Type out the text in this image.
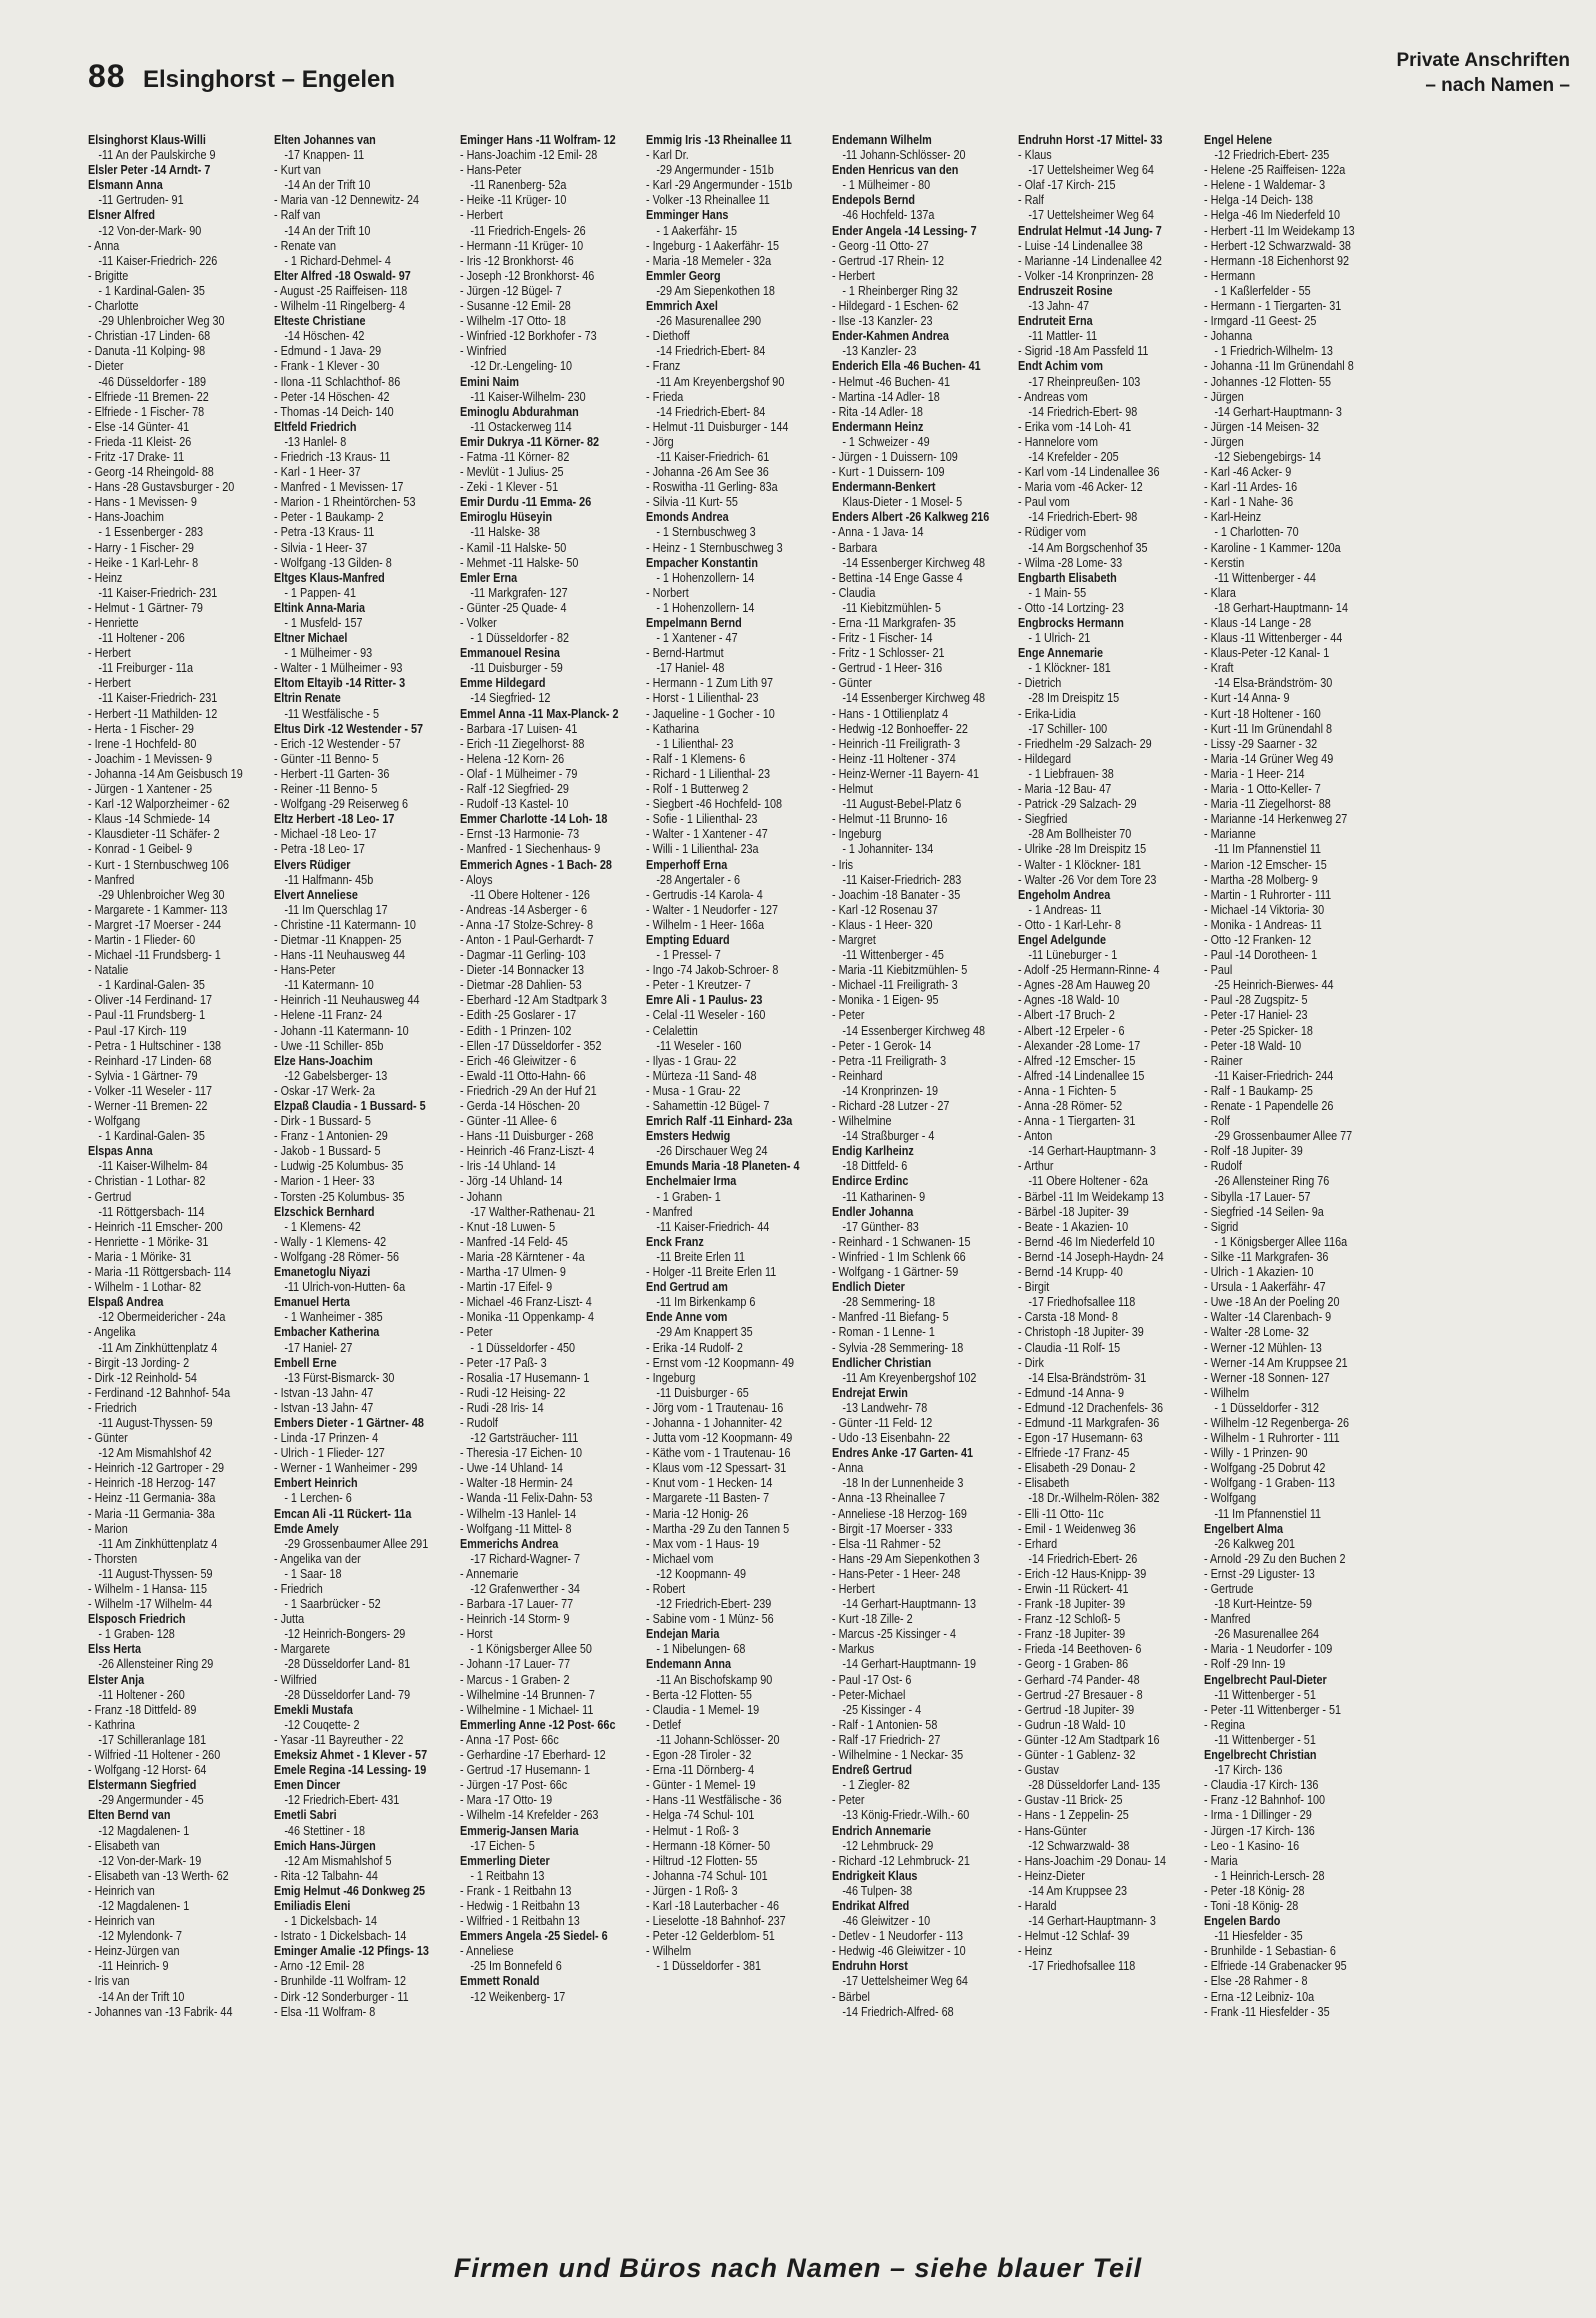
88 Elsinghorst – Engelen
Private Anschriften
– nach Namen –
Elsinghorst Klaus-Willi
-11 An der Paulskirche 9
Elsler Peter -14 Arndt- 7
Elsmann Anna
-11 Gertruden- 91
Elsner Alfred
-12 Von-der-Mark- 90
- Anna
-11 Kaiser-Friedrich- 226
- Brigitte
- 1 Kardinal-Galen- 35
- Charlotte
-29 Uhlenbroicher Weg 30
- Christian -17 Linden- 68
- Danuta -11 Kolping- 98
- Dieter
-46 Düsseldorfer - 189
- Elfriede -11 Bremen- 22
- Elfriede - 1 Fischer- 78
- Else -14 Günter- 41
- Frieda -11 Kleist- 26
- Fritz -17 Drake- 11
- Georg -14 Rheingold- 88
- Hans -28 Gustavsburger - 20
- Hans - 1 Mevissen- 9
- Hans-Joachim
- 1 Essenberger - 283
- Harry - 1 Fischer- 29
- Heike - 1 Karl-Lehr- 8
- Heinz
-11 Kaiser-Friedrich- 231
- Helmut - 1 Gärtner- 79
- Henriette
-11 Holtener - 206
- Herbert
-11 Freiburger - 11a
- Herbert
-11 Kaiser-Friedrich- 231
- Herbert -11 Mathilden- 12
- Herta - 1 Fischer- 29
- Irene -1 Hochfeld- 80
- Joachim - 1 Mevissen- 9
- Johanna -14 Am Geisbusch 19
- Jürgen - 1 Xantener - 25
- Karl -12 Walporzheimer - 62
- Klaus -14 Schmiede- 14
- Klausdieter -11 Schäfer- 2
- Konrad - 1 Geibel- 9
- Kurt - 1 Sternbuschweg 106
- Manfred
-29 Uhlenbroicher Weg 30
- Margarete - 1 Kammer- 113
- Margret -17 Moerser - 244
- Martin - 1 Flieder- 60
- Michael -11 Frundsberg- 1
- Natalie
- 1 Kardinal-Galen- 35
- Oliver -14 Ferdinand- 17
- Paul -11 Frundsberg- 1
- Paul -17 Kirch- 119
- Petra - 1 Hultschiner - 138
- Reinhard -17 Linden- 68
- Sylvia - 1 Gärtner- 79
- Volker -11 Weseler - 117
- Werner -11 Bremen- 22
- Wolfgang
- 1 Kardinal-Galen- 35
Elspas Anna
-11 Kaiser-Wilhelm- 84
- Christian - 1 Lothar- 82
- Gertrud
-11 Röttgersbach- 114
- Heinrich -11 Emscher- 200
- Henriette - 1 Mörike- 31
- Maria - 1 Mörike- 31
- Maria -11 Röttgersbach- 114
- Wilhelm - 1 Lothar- 82
Elspaß Andrea
-12 Obermeidericher - 24a
- Angelika
-11 Am Zinkhüttenplatz 4
- Birgit -13 Jording- 2
- Dirk -12 Reinhold- 54
- Ferdinand -12 Bahnhof- 54a
- Friedrich
-11 August-Thyssen- 59
- Günter
-12 Am Mismahlshof 42
- Heinrich -12 Gartroper - 29
- Heinrich -18 Herzog- 147
- Heinz -11 Germania- 38a
- Maria -11 Germania- 38a
- Marion
-11 Am Zinkhüttenplatz 4
- Thorsten
-11 August-Thyssen- 59
- Wilhelm - 1 Hansa- 115
- Wilhelm -17 Wilhelm- 44
Elsposch Friedrich
- 1 Graben- 128
Elss Herta
-26 Allensteiner Ring 29
Elster Anja
-11 Holtener - 260
- Franz -18 Dittfeld- 89
- Kathrina
-17 Schilleranlage 181
- Wilfried -11 Holtener - 260
- Wolfgang -12 Horst- 64
Elstermann Siegfried
-29 Angermunder - 45
Elten Bernd van
-12 Magdalenen- 1
- Elisabeth van
-12 Von-der-Mark- 19
- Elisabeth van -13 Werth- 62
- Heinrich van
-12 Magdalenen- 1
- Heinrich van
-12 Mylendonk- 7
- Heinz-Jürgen van
-11 Heinrich- 9
- Iris van
-14 An der Trift 10
- Johannes van -13 Fabrik- 44
Elten Johannes van
-17 Knappen- 11
- Kurt van
-14 An der Trift 10
- Maria van -12 Dennewitz- 24
- Ralf van
-14 An der Trift 10
- Renate van
- 1 Richard-Dehmel- 4
Elter Alfred -18 Oswald- 97
- August -25 Raiffeisen- 118
- Wilhelm -11 Ringelberg- 4
Elteste Christiane
-14 Höschen- 42
- Edmund - 1 Java- 29
- Frank - 1 Klever - 30
- Ilona -11 Schlachthof- 86
- Peter -14 Höschen- 42
- Thomas -14 Deich- 140
Eltfeld Friedrich
-13 Hanlel- 8
- Friedrich -13 Kraus- 11
- Karl - 1 Heer- 37
- Manfred - 1 Mevissen- 17
- Marion - 1 Rheintörchen- 53
- Peter - 1 Baukamp- 2
- Petra -13 Kraus- 11
- Silvia - 1 Heer- 37
- Wolfgang -13 Gilden- 8
Eltges Klaus-Manfred
- 1 Pappen- 41
Eltink Anna-Maria
- 1 Musfeld- 157
Eltner Michael
- 1 Mülheimer - 93
- Walter - 1 Mülheimer - 93
Eltom Eltayib -14 Ritter- 3
Eltrin Renate
-11 Westfälische - 5
Eltus Dirk -12 Westender - 57
- Erich -12 Westender - 57
- Günter -11 Benno- 5
- Herbert -11 Garten- 36
- Reiner -11 Benno- 5
- Wolfgang -29 Reiserweg 6
Eltz Herbert -18 Leo- 17
- Michael -18 Leo- 17
- Petra -18 Leo- 17
Elvers Rüdiger
-11 Halfmann- 45b
Elvert Anneliese
-11 Im Querschlag 17
- Christine -11 Katermann- 10
- Dietmar -11 Knappen- 25
- Hans -11 Neuhausweg 44
- Hans-Peter
-11 Katermann- 10
- Heinrich -11 Neuhausweg 44
- Helene -11 Franz- 24
- Johann -11 Katermann- 10
- Uwe -11 Schiller- 85b
Elze Hans-Joachim
-12 Gabelsberger- 13
- Oskar -17 Werk- 2a
Elzpaß Claudia - 1 Bussard- 5
- Dirk - 1 Bussard- 5
- Franz - 1 Antonien- 29
- Jakob - 1 Bussard- 5
- Ludwig -25 Kolumbus- 35
- Marion - 1 Heer- 33
- Torsten -25 Kolumbus- 35
Elzschick Bernhard
- 1 Klemens- 42
- Wally - 1 Klemens- 42
- Wolfgang -28 Römer- 56
Emanetoglu Niyazi
-11 Ulrich-von-Hutten- 6a
Emanuel Herta
- 1 Wanheimer - 385
Embacher Katherina
-17 Haniel- 27
Embell Erne
-13 Fürst-Bismarck- 30
- Istvan -13 Jahn- 47
- Istvan -13 Jahn- 47
Embers Dieter - 1 Gärtner- 48
- Linda -17 Prinzen- 4
- Ulrich - 1 Flieder- 127
- Werner - 1 Wanheimer - 299
Embert Heinrich
- 1 Lerchen- 6
Emcan Ali -11 Rückert- 11a
Emde Amely
-29 Grossenbaumer Allee 291
- Angelika van der
- 1 Saar- 18
- Friedrich
- 1 Saarbrücker - 52
- Jutta
-12 Heinrich-Bongers- 29
- Margarete
-28 Düsseldorfer Land- 81
- Wilfried
-28 Düsseldorfer Land- 79
Emekli Mustafa
-12 Couqette- 2
- Yasar -11 Bayreuther - 22
Emeksiz Ahmet - 1 Klever - 57
Emele Regina -14 Lessing- 19
Emen Dincer
-12 Friedrich-Ebert- 431
Emetli Sabri
-46 Stettiner - 18
Emich Hans-Jürgen
-12 Am Mismahlshof 5
- Rita -12 Talbahn- 44
Emig Helmut -46 Donkweg 25
Emiliadis Eleni
- 1 Dickelsbach- 14
- Istrato - 1 Dickelsbach- 14
Eminger Amalie -12 Pfings- 13
- Arno -12 Emil- 28
- Brunhilde -11 Wolfram- 12
- Dirk -12 Sonderburger - 11
- Elsa -11 Wolfram- 8
Eminger Hans -11 Wolfram- 12
- Hans-Joachim -12 Emil- 28
- Hans-Peter
-11 Ranenberg- 52a
- Heike -11 Krüger- 10
- Herbert
-11 Friedrich-Engels- 26
- Hermann -11 Krüger- 10
- Iris -12 Bronkhorst- 46
- Joseph -12 Bronkhorst- 46
- Jürgen -12 Bügel- 7
- Susanne -12 Emil- 28
- Wilhelm -17 Otto- 18
- Winfried -12 Borkhofer - 73
- Winfried
-12 Dr.-Lengeling- 10
Emini Naim
-11 Kaiser-Wilhelm- 230
Eminoglu Abdurahman
-11 Ostackerweg 114
Emir Dukrya -11 Körner- 82
- Fatma -11 Körner- 82
- Mevlüt - 1 Julius- 25
- Zeki - 1 Klever - 51
Emir Durdu -11 Emma- 26
Emiroglu Hüseyin
-11 Halske- 38
- Kamil -11 Halske- 50
- Mehmet -11 Halske- 50
Emler Erna
-11 Markgrafen- 127
- Günter -25 Quade- 4
- Volker
- 1 Düsseldorfer - 82
Emmanouel Resina
-11 Duisburger - 59
Emme Hildegard
-14 Siegfried- 12
Emmel Anna -11 Max-Planck- 2
- Barbara -17 Luisen- 41
- Erich -11 Ziegelhorst- 88
- Helena -12 Korn- 26
- Olaf - 1 Mülheimer - 79
- Ralf -12 Siegfried- 29
- Rudolf -13 Kastel- 10
Emmer Charlotte -14 Loh- 18
- Ernst -13 Harmonie- 73
- Manfred - 1 Siechenhaus- 9
Emmerich Agnes - 1 Bach- 28
- Aloys
-11 Obere Holtener - 126
- Andreas -14 Asberger - 6
- Anna -17 Stolze-Schrey- 8
- Anton - 1 Paul-Gerhardt- 7
- Dagmar -11 Gerling- 103
- Dieter -14 Bonnacker 13
- Dietmar -28 Dahlien- 53
- Eberhard -12 Am Stadtpark 3
- Edith -25 Goslarer - 17
- Edith - 1 Prinzen- 102
- Ellen -17 Düsseldorfer - 352
- Erich -46 Gleiwitzer - 6
- Ewald -11 Otto-Hahn- 66
- Friedrich -29 An der Huf 21
- Gerda -14 Höschen- 20
- Günter -11 Allee- 6
- Hans -11 Duisburger - 268
- Heinrich -46 Franz-Liszt- 4
- Iris -14 Uhland- 14
- Jörg -14 Uhland- 14
- Johann
-17 Walther-Rathenau- 21
- Knut -18 Luwen- 5
- Manfred -14 Feld- 45
- Maria -28 Kärntener - 4a
- Martha -17 Ulmen- 9
- Martin -17 Eifel- 9
- Michael -46 Franz-Liszt- 4
- Monika -11 Oppenkamp- 4
- Peter
- 1 Düsseldorfer - 450
- Peter -17 Paß- 3
- Rosalia -17 Husemann- 1
- Rudi -12 Heising- 22
- Rudi -28 Iris- 14
- Rudolf
-12 Gartsträucher- 111
- Theresia -17 Eichen- 10
- Uwe -14 Uhland- 14
- Walter -18 Hermin- 24
- Wanda -11 Felix-Dahn- 53
- Wilhelm -13 Hanlel- 14
- Wolfgang -11 Mittel- 8
Emmerichs Andrea
-17 Richard-Wagner- 7
- Annemarie
-12 Grafenwerther - 34
- Barbara -17 Lauer- 77
- Heinrich -14 Storm- 9
- Horst
- 1 Königsberger Allee 50
- Johann -17 Lauer- 77
- Marcus - 1 Graben- 2
- Wilhelmine -14 Brunnen- 7
- Wilhelmine - 1 Michael- 11
Emmerling Anne -12 Post- 66c
- Anna -17 Post- 66c
- Gerhardine -17 Eberhard- 12
- Gertrud -17 Husemann- 1
- Jürgen -17 Post- 66c
- Mara -17 Otto- 19
- Wilhelm -14 Krefelder - 263
Emmerig-Jansen Maria
-17 Eichen- 5
Emmerling Dieter
- 1 Reitbahn 13
- Frank - 1 Reitbahn 13
- Hedwig - 1 Reitbahn 13
- Wilfried - 1 Reitbahn 13
Emmers Angela -25 Siedel- 6
- Anneliese
-25 Im Bonnefeld 6
Emmett Ronald
-12 Weikenberg- 17
Emmig Iris -13 Rheinallee 11
- Karl Dr.
-29 Angermunder - 151b
- Karl -29 Angermunder - 151b
- Volker -13 Rheinallee 11
Emminger Hans
- 1 Aakerfähr- 15
- Ingeburg - 1 Aakerfähr- 15
- Maria -18 Memeler - 32a
Emmler Georg
-29 Am Siepenkothen 18
Emmrich Axel
-26 Masurenallee 290
- Diethoff
-14 Friedrich-Ebert- 84
- Franz
-11 Am Kreyenbergshof 90
- Frieda
-14 Friedrich-Ebert- 84
- Helmut -11 Duisburger - 144
- Jörg
-11 Kaiser-Friedrich- 61
- Johanna -26 Am See 36
- Roswitha -11 Gerling- 83a
- Silvia -11 Kurt- 55
Emonds Andrea
- 1 Sternbuschweg 3
- Heinz - 1 Sternbuschweg 3
Empacher Konstantin
- 1 Hohenzollern- 14
- Norbert
- 1 Hohenzollern- 14
Empelmann Bernd
- 1 Xantener - 47
- Bernd-Hartmut
-17 Haniel- 48
- Hermann - 1 Zum Lith 97
- Horst - 1 Lilienthal- 23
- Jaqueline - 1 Gocher - 10
- Katharina
- 1 Lilienthal- 23
- Ralf - 1 Klemens- 6
- Richard - 1 Lilienthal- 23
- Rolf - 1 Butterweg 2
- Siegbert -46 Hochfeld- 108
- Sofie - 1 Lilienthal- 23
- Walter - 1 Xantener - 47
- Willi - 1 Lilienthal- 23a
Emperhoff Erna
-28 Angertaler - 6
- Gertrudis -14 Karola- 4
- Walter - 1 Neudorfer - 127
- Wilhelm - 1 Heer- 166a
Empting Eduard
- 1 Pressel- 7
- Ingo -74 Jakob-Schroer- 8
- Peter - 1 Kreutzer- 7
Emre Ali - 1 Paulus- 23
- Celal -11 Weseler - 160
- Celalettin
-11 Weseler - 160
- Ilyas - 1 Grau- 22
- Mürteza -11 Sand- 48
- Musa - 1 Grau- 22
- Sahamettin -12 Bügel- 7
Emrich Ralf -11 Einhard- 23a
Emsters Hedwig
-26 Dirschauer Weg 24
Emunds Maria -18 Planeten- 4
Enchelmaier Irma
- 1 Graben- 1
- Manfred
-11 Kaiser-Friedrich- 44
Enck Franz
-11 Breite Erlen 11
- Holger -11 Breite Erlen 11
End Gertrud am
-11 Im Birkenkamp 6
Ende Anne vom
-29 Am Knappert 35
- Erika -14 Rudolf- 2
- Ernst vom -12 Koopmann- 49
- Ingeburg
-11 Duisburger - 65
- Jörg vom - 1 Trautenau- 16
- Johanna - 1 Johanniter- 42
- Jutta vom -12 Koopmann- 49
- Käthe vom - 1 Trautenau- 16
- Klaus vom -12 Spessart- 31
- Knut vom - 1 Hecken- 14
- Margarete -11 Basten- 7
- Maria -12 Honig- 26
- Martha -29 Zu den Tannen 5
- Max vom - 1 Haus- 19
- Michael vom
-12 Koopmann- 49
- Robert
-12 Friedrich-Ebert- 239
- Sabine vom - 1 Münz- 56
Endejan Maria
- 1 Nibelungen- 68
Endemann Anna
-11 An Bischofskamp 90
- Berta -12 Flotten- 55
- Claudia - 1 Memel- 19
- Detlef
-11 Johann-Schlösser- 20
- Egon -28 Tiroler - 32
- Erna -11 Dörnberg- 4
- Günter - 1 Memel- 19
- Hans -11 Westfälische - 36
- Helga -74 Schul- 101
- Helmut - 1 Roß- 3
- Hermann -18 Körner- 50
- Hiltrud -12 Flotten- 55
- Johanna -74 Schul- 101
- Jürgen - 1 Roß- 3
- Karl -18 Lauterbacher - 46
- Lieselotte -18 Bahnhof- 237
- Peter -12 Gelderblom- 51
- Wilhelm
- 1 Düsseldorfer - 381
Endemann Wilhelm
-11 Johann-Schlösser- 20
Enden Henricus van den
- 1 Mülheimer - 80
Endepols Bernd
-46 Hochfeld- 137a
Ender Angela -14 Lessing- 7
- Georg -11 Otto- 27
- Gertrud -17 Rhein- 12
- Herbert
- 1 Rheinberger Ring 32
- Hildegard - 1 Eschen- 62
- Ilse -13 Kanzler- 23
Ender-Kahmen Andrea
-13 Kanzler- 23
Enderich Ella -46 Buchen- 41
- Helmut -46 Buchen- 41
- Martina -14 Adler- 18
- Rita -14 Adler- 18
Endermann Heinz
- 1 Schweizer - 49
- Jürgen - 1 Duissern- 109
- Kurt - 1 Duissern- 109
Endermann-Benkert
Klaus-Dieter - 1 Mosel- 5
Enders Albert -26 Kalkweg 216
- Anna - 1 Java- 14
- Barbara
-14 Essenberger Kirchweg 48
- Bettina -14 Enge Gasse 4
- Claudia
-11 Kiebitzmühlen- 5
- Erna -11 Markgrafen- 35
- Fritz - 1 Fischer- 14
- Fritz - 1 Schlosser- 21
- Gertrud - 1 Heer- 316
- Günter
-14 Essenberger Kirchweg 48
- Hans - 1 Ottilienplatz 4
- Hedwig -12 Bonhoeffer- 22
- Heinrich -11 Freiligrath- 3
- Heinz -11 Holtener - 374
- Heinz-Werner -11 Bayern- 41
- Helmut
-11 August-Bebel-Platz 6
- Helmut -11 Brunno- 16
- Ingeburg
- 1 Johanniter- 134
- Iris
-11 Kaiser-Friedrich- 283
- Joachim -18 Banater - 35
- Karl -12 Rosenau 37
- Klaus - 1 Heer- 320
- Margret
-11 Wittenberger - 45
- Maria -11 Kiebitzmühlen- 5
- Michael -11 Freiligrath- 3
- Monika - 1 Eigen- 95
- Peter
-14 Essenberger Kirchweg 48
- Peter - 1 Gerok- 14
- Petra -11 Freiligrath- 3
- Reinhard
-14 Kronprinzen- 19
- Richard -28 Lutzer - 27
- Wilhelmine
-14 Straßburger - 4
Endig Karlheinz
-18 Dittfeld- 6
Endirce Erdinc
-11 Katharinen- 9
Endler Johanna
-17 Günther- 83
- Reinhard - 1 Schwanen- 15
- Winfried - 1 Im Schlenk 66
- Wolfgang - 1 Gärtner- 59
Endlich Dieter
-28 Semmering- 18
- Manfred -11 Biefang- 5
- Roman - 1 Lenne- 1
- Sylvia -28 Semmering- 18
Endlicher Christian
-11 Am Kreyenbergshof 102
Endrejat Erwin
-13 Landwehr- 78
- Günter -11 Feld- 12
- Udo -13 Eisenbahn- 22
Endres Anke -17 Garten- 41
- Anna
-18 In der Lunnenheide 3
- Anna -13 Rheinallee 7
- Anneliese -18 Herzog- 169
- Birgit -17 Moerser - 333
- Elsa -11 Rahmer - 52
- Hans -29 Am Siepenkothen 3
- Hans-Peter - 1 Heer- 248
- Herbert
-14 Gerhart-Hauptmann- 13
- Kurt -18 Zille- 2
- Marcus -25 Kissinger - 4
- Markus
-14 Gerhart-Hauptmann- 19
- Paul -17 Ost- 6
- Peter-Michael
-25 Kissinger - 4
- Ralf - 1 Antonien- 58
- Ralf -17 Friedrich- 27
- Wilhelmine - 1 Neckar- 35
Endreß Gertrud
- 1 Ziegler- 82
- Peter
-13 König-Friedr.-Wilh.- 60
Endrich Annemarie
-12 Lehmbruck- 29
- Richard -12 Lehmbruck- 21
Endrigkeit Klaus
-46 Tulpen- 38
Endrikat Alfred
-46 Gleiwitzer - 10
- Detlev - 1 Neudorfer - 113
- Hedwig -46 Gleiwitzer - 10
Endruhn Horst
-17 Uettelsheimer Weg 64
- Bärbel
-14 Friedrich-Alfred- 68
Endruhn Horst -17 Mittel- 33
- Klaus
-17 Uettelsheimer Weg 64
- Olaf -17 Kirch- 215
- Ralf
-17 Uettelsheimer Weg 64
Endrulat Helmut -14 Jung- 7
- Luise -14 Lindenallee 38
- Marianne -14 Lindenallee 42
- Volker -14 Kronprinzen- 28
Endruszeit Rosine
-13 Jahn- 47
Endruteit Erna
-11 Mattler- 11
- Sigrid -18 Am Passfeld 11
Endt Achim vom
-17 Rheinpreußen- 103
- Andreas vom
-14 Friedrich-Ebert- 98
- Erika vom -14 Loh- 41
- Hannelore vom
-14 Krefelder - 205
- Karl vom -14 Lindenallee 36
- Maria vom -46 Acker- 12
- Paul vom
-14 Friedrich-Ebert- 98
- Rüdiger vom
-14 Am Borgschenhof 35
- Wilma -28 Lome- 33
Engbarth Elisabeth
- 1 Main- 55
- Otto -14 Lortzing- 23
Engbrocks Hermann
- 1 Ulrich- 21
Enge Annemarie
- 1 Klöckner- 181
- Dietrich
-28 Im Dreispitz 15
- Erika-Lidia
-17 Schiller- 100
- Friedhelm -29 Salzach- 29
- Hildegard
- 1 Liebfrauen- 38
- Maria -12 Bau- 47
- Patrick -29 Salzach- 29
- Siegfried
-28 Am Bollheister 70
- Ulrike -28 Im Dreispitz 15
- Walter - 1 Klöckner- 181
- Walter -26 Vor dem Tore 23
Engeholm Andrea
- 1 Andreas- 11
- Otto - 1 Karl-Lehr- 8
Engel Adelgunde
-11 Lüneburger - 1
- Adolf -25 Hermann-Rinne- 4
- Agnes -28 Am Hauweg 20
- Agnes -18 Wald- 10
- Albert -17 Bruch- 2
- Albert -12 Erpeler - 6
- Alexander -28 Lome- 17
- Alfred -12 Emscher- 15
- Alfred -14 Lindenallee 15
- Anna - 1 Fichten- 5
- Anna -28 Römer- 52
- Anna - 1 Tiergarten- 31
- Anton
-14 Gerhart-Hauptmann- 3
- Arthur
-11 Obere Holtener - 62a
- Bärbel -11 Im Weidekamp 13
- Bärbel -18 Jupiter- 39
- Beate - 1 Akazien- 10
- Bernd -46 Im Niederfeld 10
- Bernd -14 Joseph-Haydn- 24
- Bernd -14 Krupp- 40
- Birgit
-17 Friedhofsallee 118
- Carsta -18 Mond- 8
- Christoph -18 Jupiter- 39
- Claudia -11 Rolf- 15
- Dirk
-14 Elsa-Brändström- 31
- Edmund -14 Anna- 9
- Edmund -12 Drachenfels- 36
- Edmund -11 Markgrafen- 36
- Egon -17 Husemann- 63
- Elfriede -17 Franz- 45
- Elisabeth -29 Donau- 2
- Elisabeth
-18 Dr.-Wilhelm-Rölen- 382
- Elli -11 Otto- 11c
- Emil - 1 Weidenweg 36
- Erhard
-14 Friedrich-Ebert- 26
- Erich -12 Haus-Knipp- 39
- Erwin -11 Rückert- 41
- Frank -18 Jupiter- 39
- Franz -12 Schloß- 5
- Franz -18 Jupiter- 39
- Frieda -14 Beethoven- 6
- Georg - 1 Graben- 86
- Gerhard -74 Pander- 48
- Gertrud -27 Bresauer - 8
- Gertrud -18 Jupiter- 39
- Gudrun -18 Wald- 10
- Günter -12 Am Stadtpark 16
- Günter - 1 Gablenz- 32
- Gustav
-28 Düsseldorfer Land- 135
- Gustav -11 Brick- 25
- Hans - 1 Zeppelin- 25
- Hans-Günter
-12 Schwarzwald- 38
- Hans-Joachim -29 Donau- 14
- Heinz-Dieter
-14 Am Kruppsee 23
- Harald
-14 Gerhart-Hauptmann- 3
- Helmut -12 Schlaf- 39
- Heinz
-17 Friedhofsallee 118
Engel Helene
-12 Friedrich-Ebert- 235
- Helene -25 Raiffeisen- 122a
- Helene - 1 Waldemar- 3
- Helga -14 Deich- 138
- Helga -46 Im Niederfeld 10
- Herbert -11 Im Weidekamp 13
- Herbert -12 Schwarzwald- 38
- Hermann -18 Eichenhorst 92
- Hermann
- 1 Kaßlerfelder - 55
- Hermann - 1 Tiergarten- 31
- Irmgard -11 Geest- 25
- Johanna
- 1 Friedrich-Wilhelm- 13
- Johanna -11 Im Grünendahl 8
- Johannes -12 Flotten- 55
- Jürgen
-14 Gerhart-Hauptmann- 3
- Jürgen -14 Meisen- 32
- Jürgen
-12 Siebengebirgs- 14
- Karl -46 Acker- 9
- Karl -11 Ardes- 16
- Karl - 1 Nahe- 36
- Karl-Heinz
- 1 Charlotten- 70
- Karoline - 1 Kammer- 120a
- Kerstin
-11 Wittenberger - 44
- Klara
-18 Gerhart-Hauptmann- 14
- Klaus -14 Lange - 28
- Klaus -11 Wittenberger - 44
- Klaus-Peter -12 Kanal- 1
- Kraft
-14 Elsa-Brändström- 30
- Kurt -14 Anna- 9
- Kurt -18 Holtener - 160
- Kurt -11 Im Grünendahl 8
- Lissy -29 Saarner - 32
- Maria -14 Grüner Weg 49
- Maria - 1 Heer- 214
- Maria - 1 Otto-Keller- 7
- Maria -11 Ziegelhorst- 88
- Marianne -14 Herkenweg 27
- Marianne
-11 Im Pfannenstiel 11
- Marion -12 Emscher- 15
- Martha -28 Molberg- 9
- Martin - 1 Ruhrorter - 111
- Michael -14 Viktoria- 30
- Monika - 1 Andreas- 11
- Otto -12 Franken- 12
- Paul -14 Dorotheen- 1
- Paul
-25 Heinrich-Bierwes- 44
- Paul -28 Zugspitz- 5
- Peter -17 Haniel- 23
- Peter -25 Spicker- 18
- Peter -18 Wald- 10
- Rainer
-11 Kaiser-Friedrich- 244
- Ralf - 1 Baukamp- 25
- Renate - 1 Papendelle 26
- Rolf
-29 Grossenbaumer Allee 77
- Rolf -18 Jupiter- 39
- Rudolf
-26 Allensteiner Ring 76
- Sibylla -17 Lauer- 57
- Siegfried -14 Seilen- 9a
- Sigrid
- 1 Königsberger Allee 116a
- Silke -11 Markgrafen- 36
- Ulrich - 1 Akazien- 10
- Ursula - 1 Aakerfähr- 47
- Uwe -18 An der Poeling 20
- Walter -14 Clarenbach- 9
- Walter -28 Lome- 32
- Werner -12 Mühlen- 13
- Werner -14 Am Kruppsee 21
- Werner -18 Sonnen- 127
- Wilhelm
- 1 Düsseldorfer - 312
- Wilhelm -12 Regenberga- 26
- Wilhelm - 1 Ruhrorter - 111
- Willy - 1 Prinzen- 90
- Wolfgang -25 Dobrut 42
- Wolfgang - 1 Graben- 113
- Wolfgang
-11 Im Pfannenstiel 11
Engelbert Alma
-26 Kalkweg 201
- Arnold -29 Zu den Buchen 2
- Ernst -29 Liguster- 13
- Gertrude
-18 Kurt-Heintze- 59
- Manfred
-26 Masurenallee 264
- Maria - 1 Neudorfer - 109
- Rolf -29 Inn- 19
Engelbrecht Paul-Dieter
-11 Wittenberger - 51
- Peter -11 Wittenberger - 51
- Regina
-11 Wittenberger - 51
Engelbrecht Christian
-17 Kirch- 136
- Claudia -17 Kirch- 136
- Franz -12 Bahnhof- 100
- Irma - 1 Dillinger - 29
- Jürgen -17 Kirch- 136
- Leo - 1 Kasino- 16
- Maria
- 1 Heinrich-Lersch- 28
- Peter -18 König- 28
- Toni -18 König- 28
Engelen Bardo
-11 Hiesfelder - 35
- Brunhilde - 1 Sebastian- 6
- Elfriede -14 Grabenacker 95
- Else -28 Rahmer - 8
- Erna -12 Leibniz- 10a
- Frank -11 Hiesfelder - 35
Firmen und Büros nach Namen – siehe blauer Teil
